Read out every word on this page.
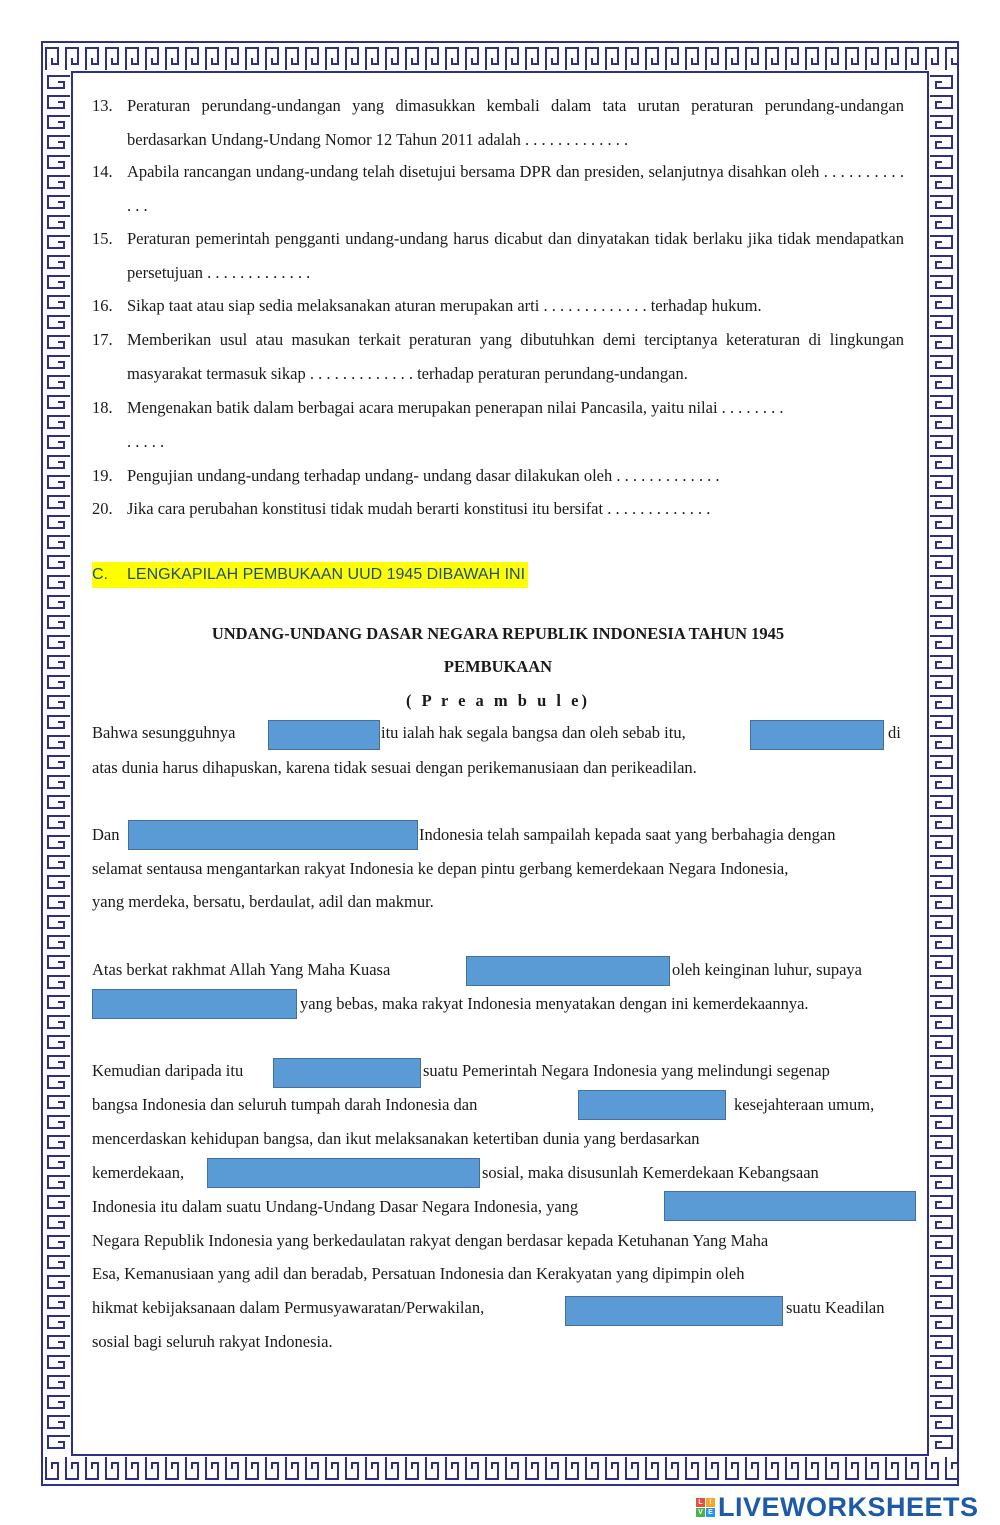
13. Peraturan perundang-undangan yang dimasukkan kembali dalam tata urutan peraturan perundang-undangan berdasarkan Undang-Undang Nomor 12 Tahun 2011 adalah . . . . . . . . . . . . .
14. Apabila rancangan undang-undang telah disetujui bersama DPR dan presiden, selanjutnya disahkan oleh . . . . . . . . . . . . .
15. Peraturan pemerintah pengganti undang-undang harus dicabut dan dinyatakan tidak berlaku jika tidak mendapatkan persetujuan . . . . . . . . . . . . .
16. Sikap taat atau siap sedia melaksanakan aturan merupakan arti . . . . . . . . . . . . . terhadap hukum.
17. Memberikan usul atau masukan terkait peraturan yang dibutuhkan demi terciptanya keteraturan di lingkungan masyarakat termasuk sikap . . . . . . . . . . . . . terhadap peraturan perundang-undangan.
18. Mengenakan batik dalam berbagai acara merupakan penerapan nilai Pancasila, yaitu nilai . . . . . . . .
. . . . .
19. Pengujian undang-undang terhadap undang- undang dasar dilakukan oleh . . . . . . . . . . . . .
20. Jika cara perubahan konstitusi tidak mudah berarti konstitusi itu bersifat . . . . . . . . . . . . .
C. LENGKAPILAH PEMBUKAAN UUD 1945 DIBAWAH INI
UNDANG-UNDANG DASAR NEGARA REPUBLIK INDONESIA TAHUN 1945
PEMBUKAAN
( P r e a m b u l e)
Bahwa sesungguhnya	itu ialah hak segala bangsa dan oleh sebab itu,	di
atas dunia harus dihapuskan, karena tidak sesuai dengan perikemanusiaan dan perikeadilan.
Dan	Indonesia telah sampailah kepada saat yang berbahagia dengan
selamat sentausa mengantarkan rakyat Indonesia ke depan pintu gerbang kemerdekaan Negara Indonesia,
yang merdeka, bersatu, berdaulat, adil dan makmur.
Atas berkat rakhmat Allah Yang Maha Kuasa	oleh keinginan luhur, supaya
yang bebas, maka rakyat Indonesia menyatakan dengan ini kemerdekaannya.
Kemudian daripada itu	suatu Pemerintah Negara Indonesia yang melindungi segenap
bangsa Indonesia dan seluruh tumpah darah Indonesia dan	kesejahteraan umum,
mencerdaskan kehidupan bangsa, dan ikut melaksanakan ketertiban dunia yang berdasarkan
kemerdekaan,	sosial, maka disusunlah Kemerdekaan Kebangsaan
Indonesia itu dalam suatu Undang-Undang Dasar Negara Indonesia, yang
Negara Republik Indonesia yang berkedaulatan rakyat dengan berdasar kepada Ketuhanan Yang Maha
Esa, Kemanusiaan yang adil dan beradab, Persatuan Indonesia dan Kerakyatan yang dipimpin oleh
hikmat kebijaksanaan dalam Permusyawaratan/Perwakilan,	suatu Keadilan
sosial bagi seluruh rakyat Indonesia.
L I
V E LIVEWORKSHEETS
